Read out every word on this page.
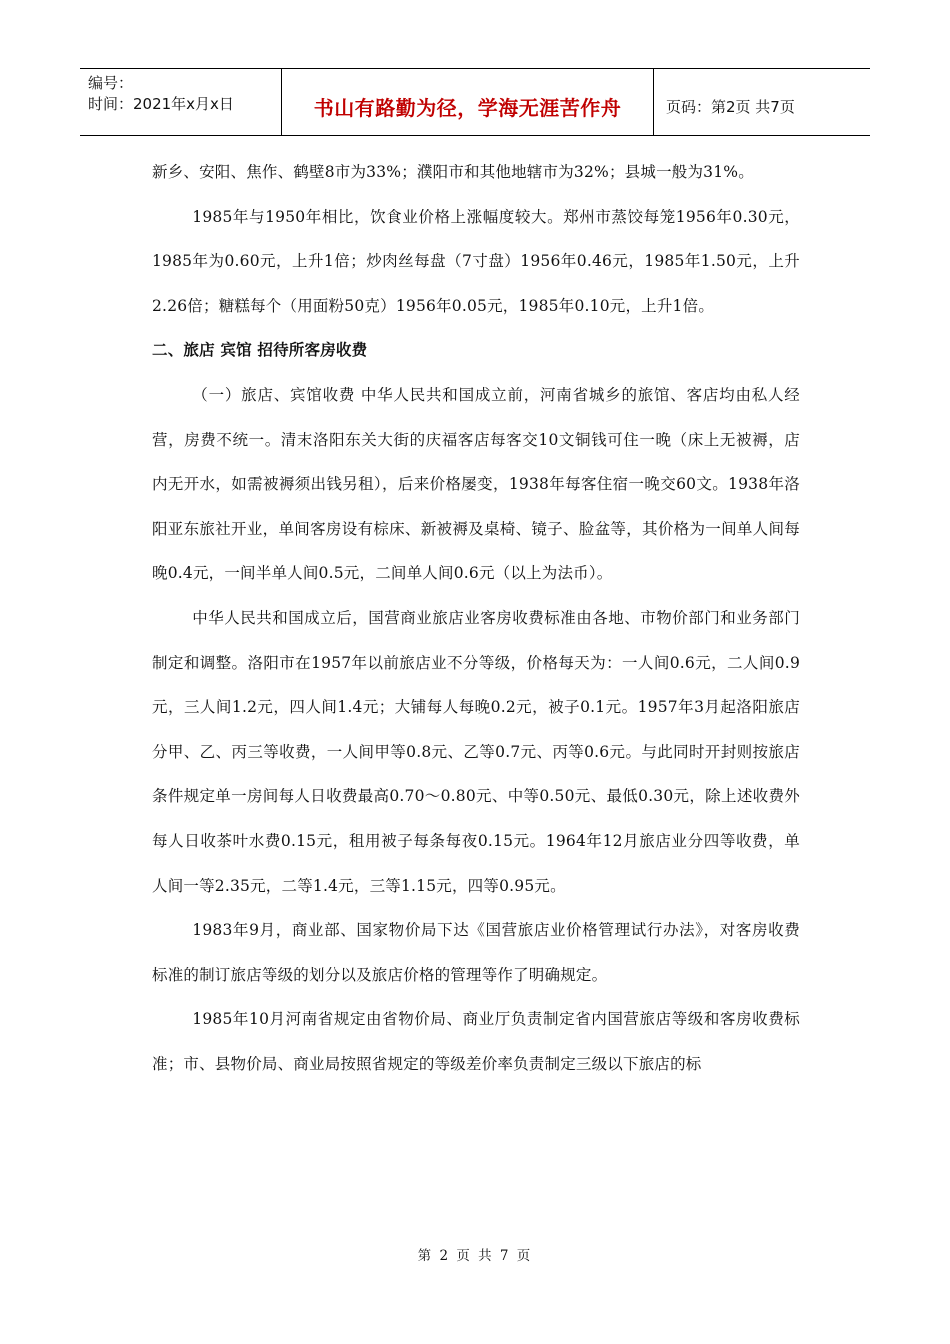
编号：
时间：2021年x月x日	书山有路勤为径，学海无涯苦作舟	页码：第2页 共7页

新乡、安阳、焦作、鹤壁8市为33%；濮阳市和其他地辖市为32%；县城一般为31%。

1985年与1950年相比，饮食业价格上涨幅度较大。郑州市蒸饺每笼1956年0.30元，1985年为0.60元，上升1倍；炒肉丝每盘（7寸盘）1956年0.46元，1985年1.50元，上升2.26倍；糖糕每个（用面粉50克）1956年0.05元，1985年0.10元，上升1倍。

二、旅店 宾馆 招待所客房收费

（一）旅店、宾馆收费 中华人民共和国成立前，河南省城乡的旅馆、客店均由私人经营，房费不统一。清末洛阳东关大街的庆福客店每客交10文铜钱可住一晚（床上无被褥，店内无开水，如需被褥须出钱另租），后来价格屡变，1938年每客住宿一晚交60文。1938年洛阳亚东旅社开业，单间客房设有棕床、新被褥及桌椅、镜子、脸盆等，其价格为一间单人间每晚0.4元，一间半单人间0.5元，二间单人间0.6元（以上为法币）。

中华人民共和国成立后，国营商业旅店业客房收费标准由各地、市物价部门和业务部门制定和调整。洛阳市在1957年以前旅店业不分等级，价格每天为：一人间0.6元，二人间0.9元，三人间1.2元，四人间1.4元；大铺每人每晚0.2元，被子0.1元。1957年3月起洛阳旅店分甲、乙、丙三等收费，一人间甲等0.8元、乙等0.7元、丙等0.6元。与此同时开封则按旅店条件规定单一房间每人日收费最高0.70～0.80元、中等0.50元、最低0.30元，除上述收费外每人日收茶叶水费0.15元，租用被子每条每夜0.15元。1964年12月旅店业分四等收费，单人间一等2.35元，二等1.4元，三等1.15元，四等0.95元。

1983年9月，商业部、国家物价局下达《国营旅店业价格管理试行办法》，对客房收费标准的制订旅店等级的划分以及旅店价格的管理等作了明确规定。

1985年10月河南省规定由省物价局、商业厅负责制定省内国营旅店等级和客房收费标准；市、县物价局、商业局按照省规定的等级差价率负责制定三级以下旅店的标

第 2 页 共 7 页
